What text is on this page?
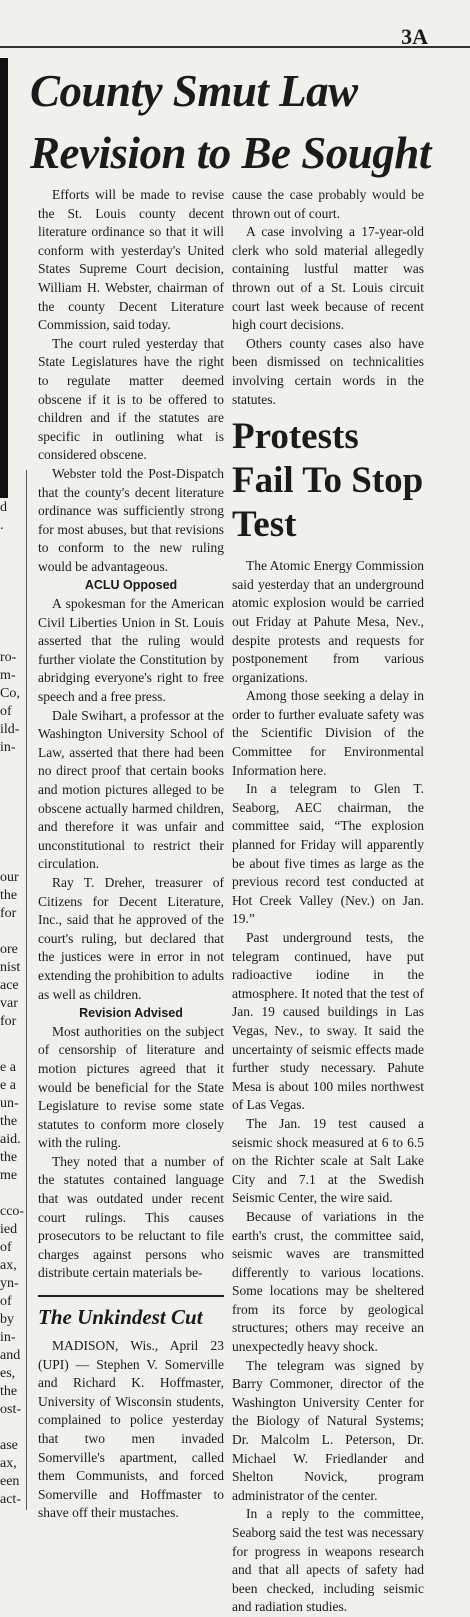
3A
r
d
.
ro-
m-
Co,
of
ild-
in-
our
the
for
ore
nist
ace
var
for
e a
e a
un-
the
aid.
the
me
cco-
ied
of
ax,
yn-
of
by
in-
and
es,
the
ost-
ase
ax,
een
act-
County Smut Law Revision to Be Sought

Efforts will be made to revise the St. Louis county decent literature ordinance so that it will conform with yesterday's United States Supreme Court decision, William H. Webster, chairman of the county Decent Literature Commission, said today.

The court ruled yesterday that State Legislatures have the right to regulate matter deemed obscene if it is to be offered to children and if the statutes are specific in outlining what is considered obscene.

Webster told the Post-Dispatch that the county's decent literature ordinance was sufficiently strong for most abuses, but that revisions to conform to the new ruling would be advantageous.

ACLU Opposed

A spokesman for the American Civil Liberties Union in St. Louis asserted that the ruling would further violate the Constitution by abridging everyone's right to free speech and a free press.

Dale Swihart, a professor at the Washington University School of Law, asserted that there had been no direct proof that certain books and motion pictures alleged to be obscene actually harmed children, and therefore it was unfair and unconstitutional to restrict their circulation.

Ray T. Dreher, treasurer of Citizens for Decent Literature, Inc., said that he approved of the court's ruling, but declared that the justices were in error in not extending the prohibition to adults as well as children.

Revision Advised

Most authorities on the subject of censorship of literature and motion pictures agreed that it would be beneficial for the State Legislature to revise some state statutes to conform more closely with the ruling.

They noted that a number of the statutes contained language that was outdated under recent court rulings. This causes prosecutors to be reluctant to file charges against persons who distribute certain materials be-

The Unkindest Cut

MADISON, Wis., April 23 (UPI) — Stephen V. Somerville and Richard K. Hoffmaster, University of Wisconsin students, complained to police yesterday that two men invaded Somerville's apartment, called them Communists, and forced Somerville and Hoffmaster to shave off their mustaches.

cause the case probably would be thrown out of court.

A case involving a 17-year-old clerk who sold material allegedly containing lustful matter was thrown out of a St. Louis circuit court last week because of recent high court decisions.

Others county cases also have been dismissed on technicalities involving certain words in the statutes.

Protests Fail To Stop Test

The Atomic Energy Commission said yesterday that an underground atomic explosion would be carried out Friday at Pahute Mesa, Nev., despite protests and requests for postponement from various organizations.

Among those seeking a delay in order to further evaluate safety was the Scientific Division of the Committee for Environmental Information here.

In a telegram to Glen T. Seaborg, AEC chairman, the committee said, “The explosion planned for Friday will apparently be about five times as large as the previous record test conducted at Hot Creek Valley (Nev.) on Jan. 19.”

Past underground tests, the telegram continued, have put radioactive iodine in the atmosphere. It noted that the test of Jan. 19 caused buildings in Las Vegas, Nev., to sway. It said the uncertainty of seismic effects made further study necessary. Pahute Mesa is about 100 miles northwest of Las Vegas.

The Jan. 19 test caused a seismic shock measured at 6 to 6.5 on the Richter scale at Salt Lake City and 7.1 at the Swedish Seismic Center, the wire said.

Because of variations in the earth's crust, the committee said, seismic waves are transmitted differently to various locations. Some locations may be sheltered from its force by geological structures; others may receive an unexpectedly heavy shock.

The telegram was signed by Barry Commoner, director of the Washington University Center for the Biology of Natural Systems; Dr. Malcolm L. Peterson, Dr. Michael W. Friedlander and Shelton Novick, program administrator of the center.

In a reply to the committee, Seaborg said the test was necessary for progress in weapons research and that all apects of safety had been checked, including seismic and radiation studies.
